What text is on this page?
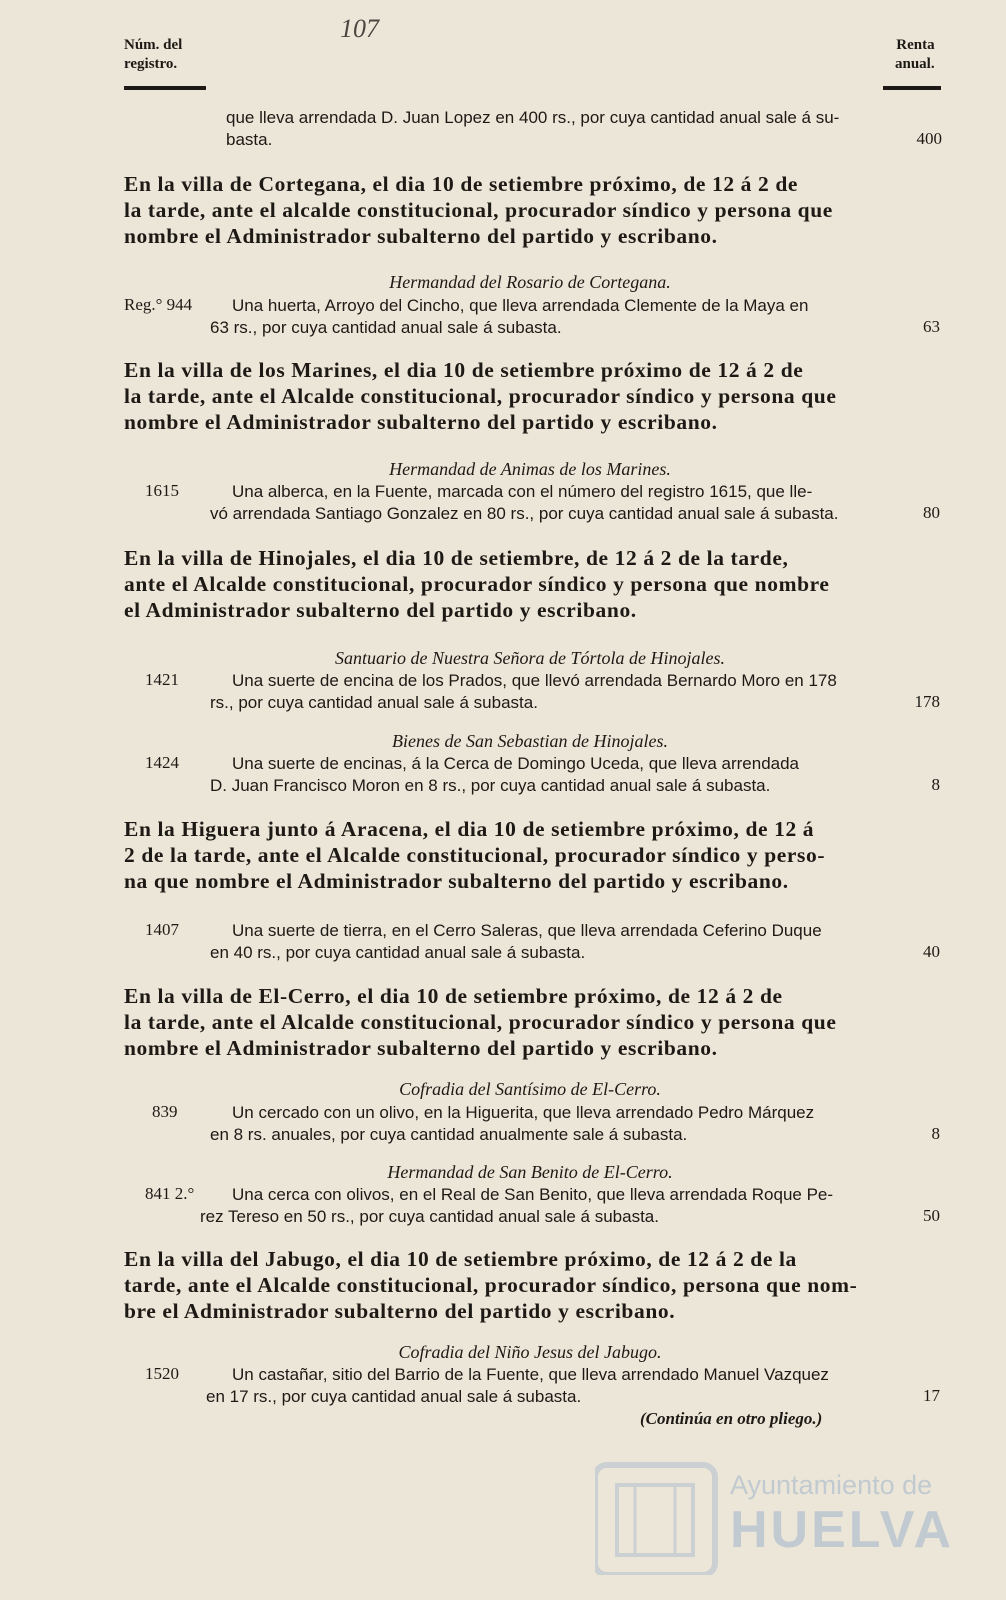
107
Núm. del
registro.
Renta
anual.
que lleva arrendada D. Juan Lopez en 400 rs., por cuya cantidad anual sale á su-
basta.	400
En la villa de Cortegana, el dia 10 de setiembre próximo, de 12 á 2 de
la tarde, ante el alcalde constitucional, procurador síndico y persona que
nombre el Administrador subalterno del partido y escribano.
Hermandad del Rosario de Cortegana.
Reg.° 944 Una huerta, Arroyo del Cincho, que lleva arrendada Clemente de la Maya en
63 rs., por cuya cantidad anual sale á subasta.	63
En la villa de los Marines, el dia 10 de setiembre próximo de 12 á 2 de
la tarde, ante el Alcalde constitucional, procurador síndico y persona que
nombre el Administrador subalterno del partido y escribano.
Hermandad de Animas de los Marines.
1615	Una alberca, en la Fuente, marcada con el número del registro 1615, que lle-
vó arrendada Santiago Gonzalez en 80 rs., por cuya cantidad anual sale á subasta.	80
En la villa de Hinojales, el dia 10 de setiembre, de 12 á 2 de la tarde,
ante el Alcalde constitucional, procurador síndico y persona que nombre
el Administrador subalterno del partido y escribano.
Santuario de Nuestra Señora de Tórtola de Hinojales.
1421	Una suerte de encina de los Prados, que llevó arrendada Bernardo Moro en 178
rs., por cuya cantidad anual sale á subasta.	178
Bienes de San Sebastian de Hinojales.
1424	Una suerte de encinas, á la Cerca de Domingo Uceda, que lleva arrendada
D. Juan Francisco Moron en 8 rs., por cuya cantidad anual sale á subasta.	8
En la Higuera junto á Aracena, el dia 10 de setiembre próximo, de 12 á
2 de la tarde, ante el Alcalde constitucional, procurador síndico y perso-
na que nombre el Administrador subalterno del partido y escribano.
1407	Una suerte de tierra, en el Cerro Saleras, que lleva arrendada Ceferino Duque
en 40 rs., por cuya cantidad anual sale á subasta.	40
En la villa de El-Cerro, el dia 10 de setiembre próximo, de 12 á 2 de
la tarde, ante el Alcalde constitucional, procurador síndico y persona que
nombre el Administrador subalterno del partido y escribano.
Cofradia del Santísimo de El-Cerro.
839	Un cercado con un olivo, en la Higuerita, que lleva arrendado Pedro Márquez
en 8 rs. anuales, por cuya cantidad anualmente sale á subasta.	8
Hermandad de San Benito de El-Cerro.
841 2.° Una cerca con olivos, en el Real de San Benito, que lleva arrendada Roque Pe-
rez Tereso en 50 rs., por cuya cantidad anual sale á subasta.	50
En la villa del Jabugo, el dia 10 de setiembre próximo, de 12 á 2 de la
tarde, ante el Alcalde constitucional, procurador síndico, persona que nom-
bre el Administrador subalterno del partido y escribano.
Cofradia del Niño Jesus del Jabugo.
1520	Un castañar, sitio del Barrio de la Fuente, que lleva arrendado Manuel Vazquez
en 17 rs., por cuya cantidad anual sale á subasta.	17
(Continúa en otro pliego.)
Ayuntamiento de
HUELVA
